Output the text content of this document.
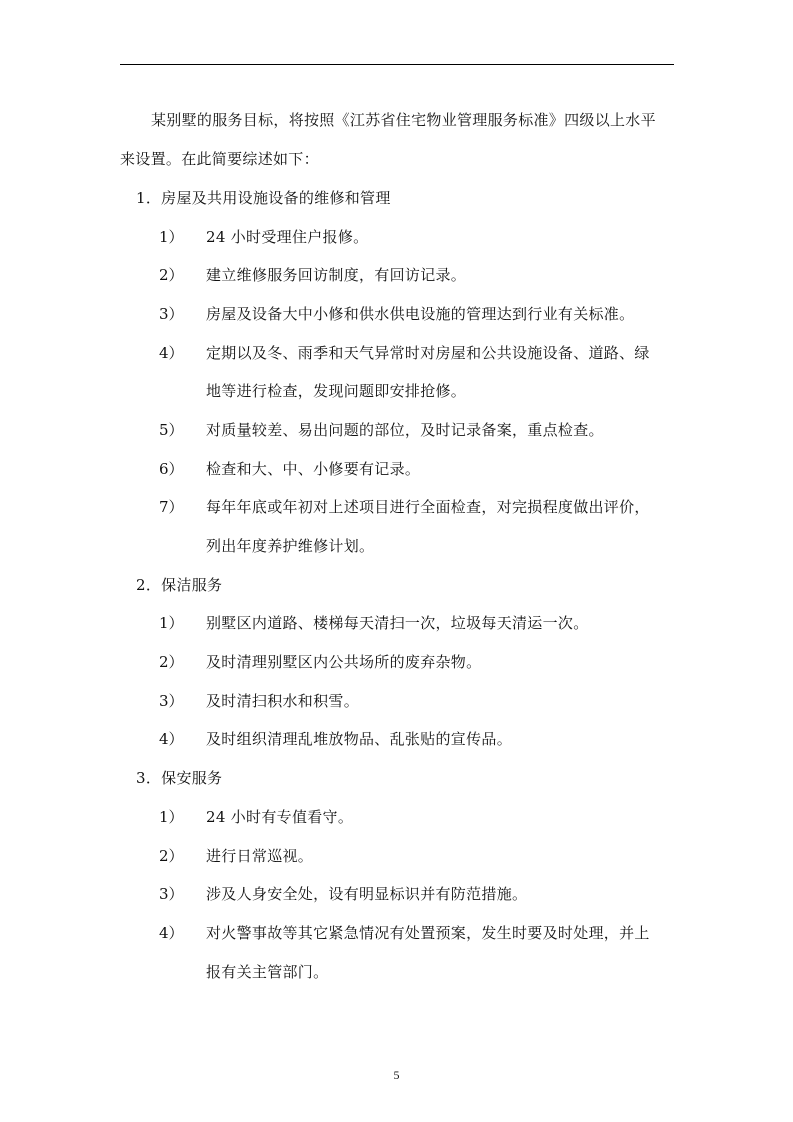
某别墅的服务目标，将按照《江苏省住宅物业管理服务标准》四级以上水平
来设置。在此简要综述如下：
1．房屋及共用设施设备的维修和管理
1） 24 小时受理住户报修。
2） 建立维修服务回访制度，有回访记录。
3） 房屋及设备大中小修和供水供电设施的管理达到行业有关标准。
4） 定期以及冬、雨季和天气异常时对房屋和公共设施设备、道路、绿
地等进行检查，发现问题即安排抢修。
5） 对质量较差、易出问题的部位，及时记录备案，重点检查。
6） 检查和大、中、小修要有记录。
7） 每年年底或年初对上述项目进行全面检查，对完损程度做出评价，
列出年度养护维修计划。
2．保洁服务
1） 别墅区内道路、楼梯每天清扫一次，垃圾每天清运一次。
2） 及时清理别墅区内公共场所的废弃杂物。
3） 及时清扫积水和积雪。
4） 及时组织清理乱堆放物品、乱张贴的宣传品。
3．保安服务
1） 24 小时有专值看守。
2） 进行日常巡视。
3） 涉及人身安全处，设有明显标识并有防范措施。
4） 对火警事故等其它紧急情况有处置预案，发生时要及时处理，并上
报有关主管部门。
5
